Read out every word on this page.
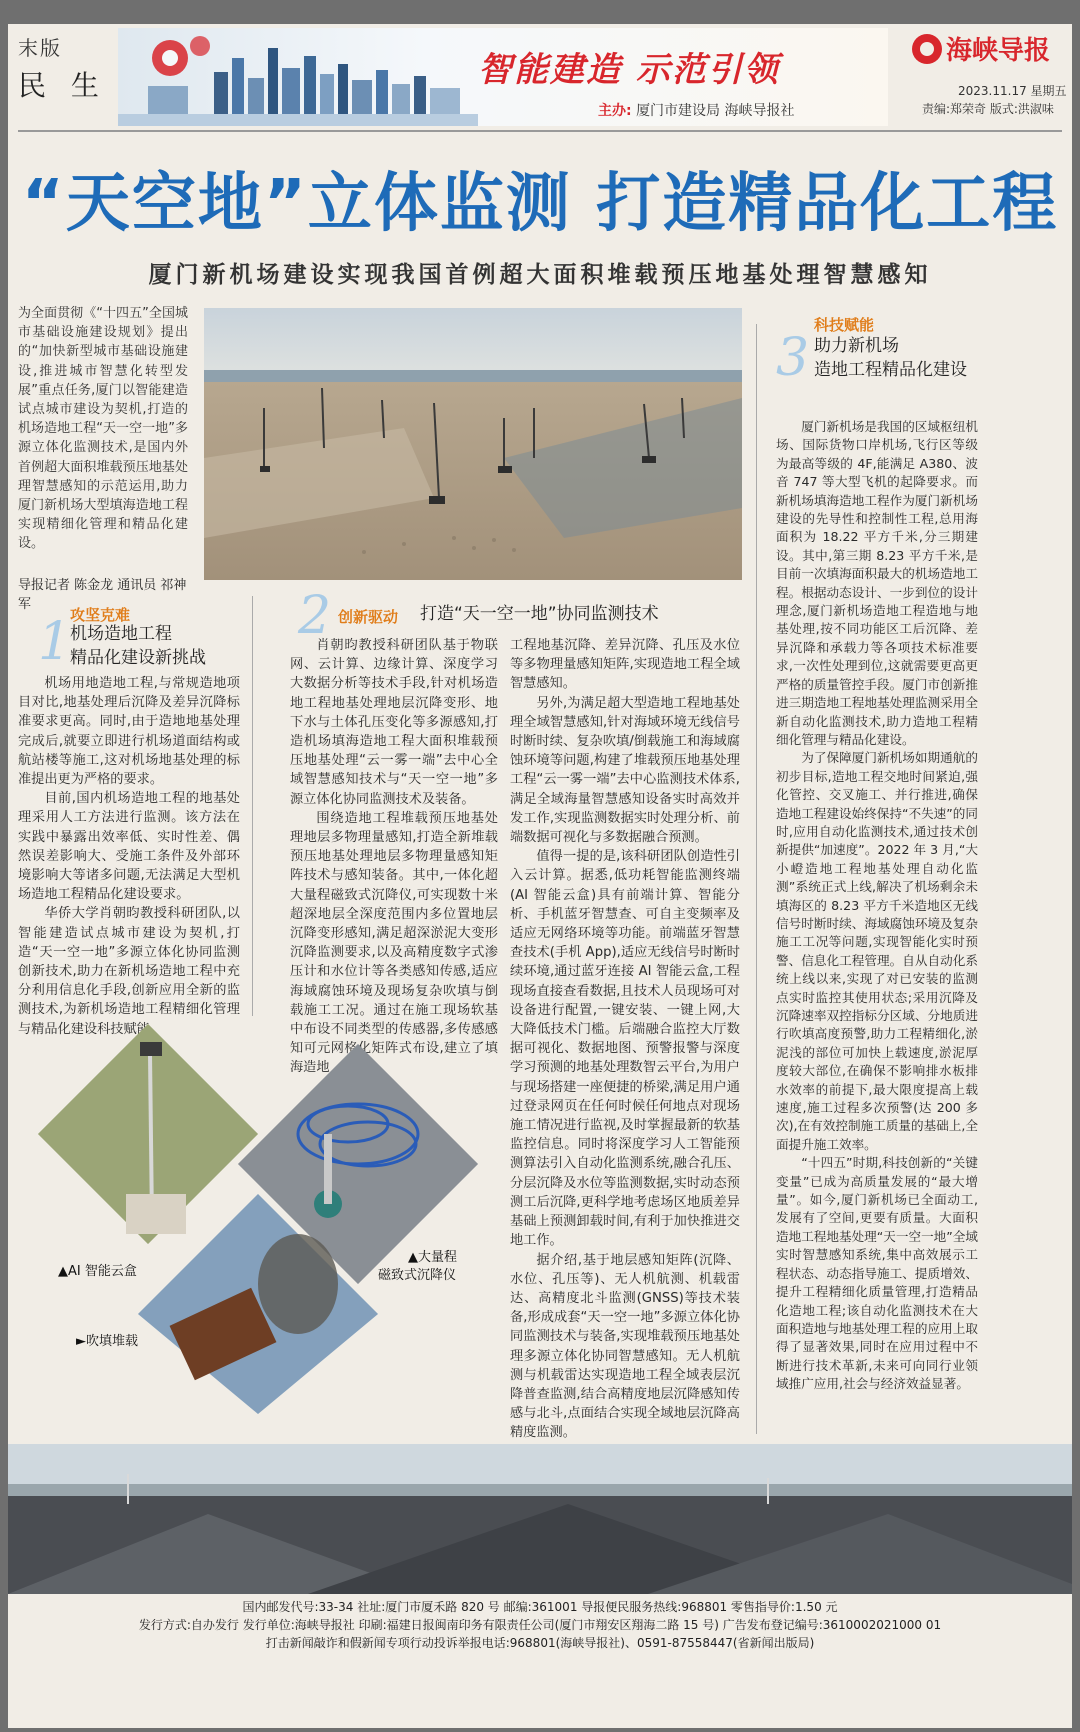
末版
民 生	智能建造 示范引领
主办: 厦门市建设局 海峡导报社
海峡导报
2023.11.17 星期五
责编:郑荣奇 版式:洪淑味
“天空地”立体监测 打造精品化工程
厦门新机场建设实现我国首例超大面积堆载预压地基处理智慧感知
为全面贯彻《“十四五”全国城市基础设施建设规划》提出的“加快新型城市基础设施建设,推进城市智慧化转型发展”重点任务,厦门以智能建造试点城市建设为契机,打造的机场造地工程“天一空一地”多源立体化监测技术,是国内外首例超大面积堆载预压地基处理智慧感知的示范运用,助力厦门新机场大型填海造地工程实现精细化管理和精品化建设。
导报记者 陈金龙 通讯员 祁神军
1
攻坚克难
机场造地工程
精品化建设新挑战

机场用地造地工程,与常规造地项目对比,地基处理后沉降及差异沉降标准要求更高。同时,由于造地地基处理完成后,就要立即进行机场道面结构或航站楼等施工,这对机场地基处理的标准提出更为严格的要求。

目前,国内机场造地工程的地基处理采用人工方法进行监测。该方法在实践中暴露出效率低、实时性差、偶然误差影响大、受施工条件及外部环境影响大等诸多问题,无法满足大型机场造地工程精品化建设要求。

华侨大学肖朝昀教授科研团队,以智能建造试点城市建设为契机,打造“天一空一地”多源立体化协同监测创新技术,助力在新机场造地工程中充分利用信息化手段,创新应用全新的监测技术,为新机场造地工程精细化管理与精品化建设科技赋能。

2 创新驱动 打造“天一空一地”协同监测技术

肖朝昀教授科研团队基于物联网、云计算、边缘计算、深度学习大数据分析等技术手段,针对机场造地工程地基处理地层沉降变形、地下水与土体孔压变化等多源感知,打造机场填海造地工程大面积堆载预压地基处理“云一雾一端”去中心全域智慧感知技术与“天一空一地”多源立体化协同监测技术及装备。

围绕造地工程堆载预压地基处理地层多物理量感知,打造全新堆载预压地基处理地层多物理量感知矩阵技术与感知装备。其中,一体化超大量程磁致式沉降仪,可实现数十米超深地层全深度范围内多位置地层沉降变形感知,满足超深淤泥大变形沉降监测要求,以及高精度数字式渗压计和水位计等各类感知传感,适应海域腐蚀环境及现场复杂吹填与倒载施工工况。通过在施工现场软基中布设不同类型的传感器,多传感感知可元网格化矩阵式布设,建立了填海造地

工程地基沉降、差异沉降、孔压及水位等多物理量感知矩阵,实现造地工程全域智慧感知。

另外,为满足超大型造地工程地基处理全域智慧感知,针对海域环境无线信号时断时续、复杂吹填/倒载施工和海域腐蚀环境等问题,构建了堆载预压地基处理工程“云一雾一端”去中心监测技术体系,满足全域海量智慧感知设备实时高效并发工作,实现监测数据实时处理分析、前端数据可视化与多数据融合预测。

值得一提的是,该科研团队创造性引入云计算。据悉,低功耗智能监测终端(AI 智能云盒)具有前端计算、智能分析、手机蓝牙智慧查、可自主变频率及适应无网络环境等功能。前端蓝牙智慧查技术(手机 App),适应无线信号时断时续环境,通过蓝牙连接 AI 智能云盒,工程现场直接查看数据,且技术人员现场可对设备进行配置,一键安装、一键上网,大大降低技术门槛。后端融合监控大厅数据可视化、数据地图、预警报警与深度学习预测的地基处理数智云平台,为用户与现场搭建一座便捷的桥梁,满足用户通过登录网页在任何时候任何地点对现场施工情况进行监视,及时掌握最新的软基监控信息。同时将深度学习人工智能预测算法引入自动化监测系统,融合孔压、分层沉降及水位等监测数据,实时动态预测工后沉降,更科学地考虑场区地质差异基础上预测卸载时间,有利于加快推进交地工作。

据介绍,基于地层感知矩阵(沉降、水位、孔压等)、无人机航测、机载雷达、高精度北斗监测(GNSS)等技术装备,形成成套“天一空一地”多源立体化协同监测技术与装备,实现堆载预压地基处理多源立体化协同智慧感知。无人机航测与机载雷达实现造地工程全域表层沉降普查监测,结合高精度地层沉降感知传感与北斗,点面结合实现全域地层沉降高精度监测。

3
科技赋能
助力新机场
造地工程精品化建设

厦门新机场是我国的区域枢纽机场、国际货物口岸机场,飞行区等级为最高等级的 4F,能满足 A380、波音 747 等大型飞机的起降要求。而新机场填海造地工程作为厦门新机场建设的先导性和控制性工程,总用海面积为 18.22 平方千米,分三期建设。其中,第三期 8.23 平方千米,是目前一次填海面积最大的机场造地工程。根据动态设计、一步到位的设计理念,厦门新机场造地工程造地与地基处理,按不同功能区工后沉降、差异沉降和承载力等各项技术标准要求,一次性处理到位,这就需要更高更严格的质量管控手段。厦门市创新推进三期造地工程地基处理监测采用全新自动化监测技术,助力造地工程精细化管理与精品化建设。

为了保障厦门新机场如期通航的初步目标,造地工程交地时间紧迫,强化管控、交叉施工、并行推进,确保造地工程建设始终保持“不失速”的同时,应用自动化监测技术,通过技术创新提供“加速度”。2022 年 3 月,“大小嶝造地工程地基处理自动化监测”系统正式上线,解决了机场剩余未填海区的 8.23 平方千米造地区无线信号时断时续、海域腐蚀环境及复杂施工工况等问题,实现智能化实时预警、信息化工程管理。自从自动化系统上线以来,实现了对已安装的监测点实时监控其使用状态;采用沉降及沉降速率双控指标分区域、分地质进行吹填高度预警,助力工程精细化,淤泥浅的部位可加快上载速度,淤泥厚度较大部位,在确保不影响排水板排水效率的前提下,最大限度提高上载速度,施工过程多次预警(达 200 多次),在有效控制施工质量的基础上,全面提升施工效率。

“十四五”时期,科技创新的“关键变量”已成为高质量发展的“最大增量”。如今,厦门新机场已全面动工,发展有了空间,更要有质量。大面积造地工程地基处理“天一空一地”全域实时智慧感知系统,集中高效展示工程状态、动态指导施工、提质增效、提升工程精细化质量管理,打造精品化造地工程;该自动化监测技术在大面积造地与地基处理工程的应用上取得了显著效果,同时在应用过程中不断进行技术革新,未来可向同行业领域推广应用,社会与经济效益显著。

▲AI 智能云盒
▲大量程
磁致式沉降仪
►吹填堆载
国内邮发代号:33-34 社址:厦门市厦禾路 820 号 邮编:361001 导报便民服务热线:968801 零售指导价:1.50 元
发行方式:自办发行 发行单位:海峡导报社 印刷:福建日报闽南印务有限责任公司(厦门市翔安区翔海二路 15 号) 广告发布登记编号:3610002021000 01
打击新闻敲诈和假新闻专项行动投诉举报电话:968801(海峡导报社)、0591-87558447(省新闻出版局)
